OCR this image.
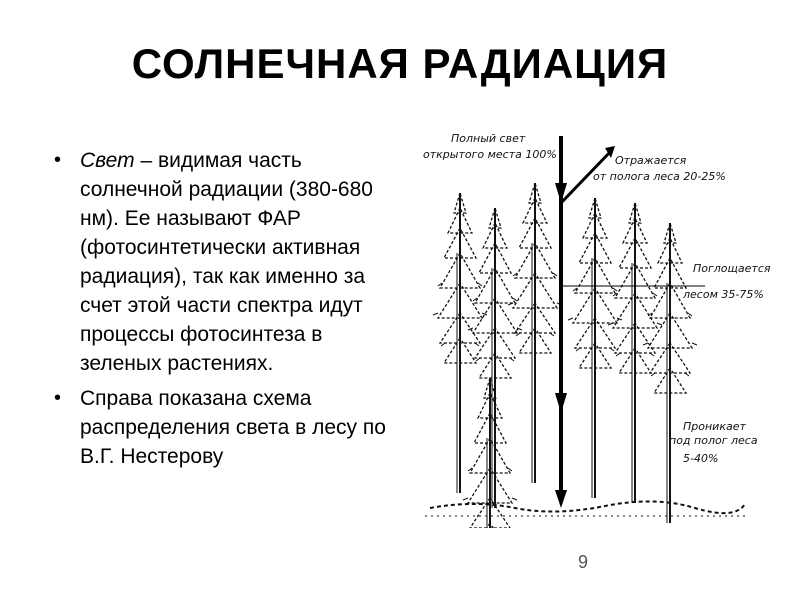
СОЛНЕЧНАЯ РАДИАЦИЯ
• Свет – видимая часть солнечной радиации (380-680 нм). Ее называют ФАР (фотосинтетически активная радиация), так как именно за счет этой части спектра идут процессы фотосинтеза в зеленых растениях.
• Справа показана схема распределения света в лесу по В.Г. Нестерову
Полный свет
открытого места 100%	Отражается
от полога леса 20-25%
Поглощается
лесом 35-75%
Проникает
под полог леса
5-40%
9
